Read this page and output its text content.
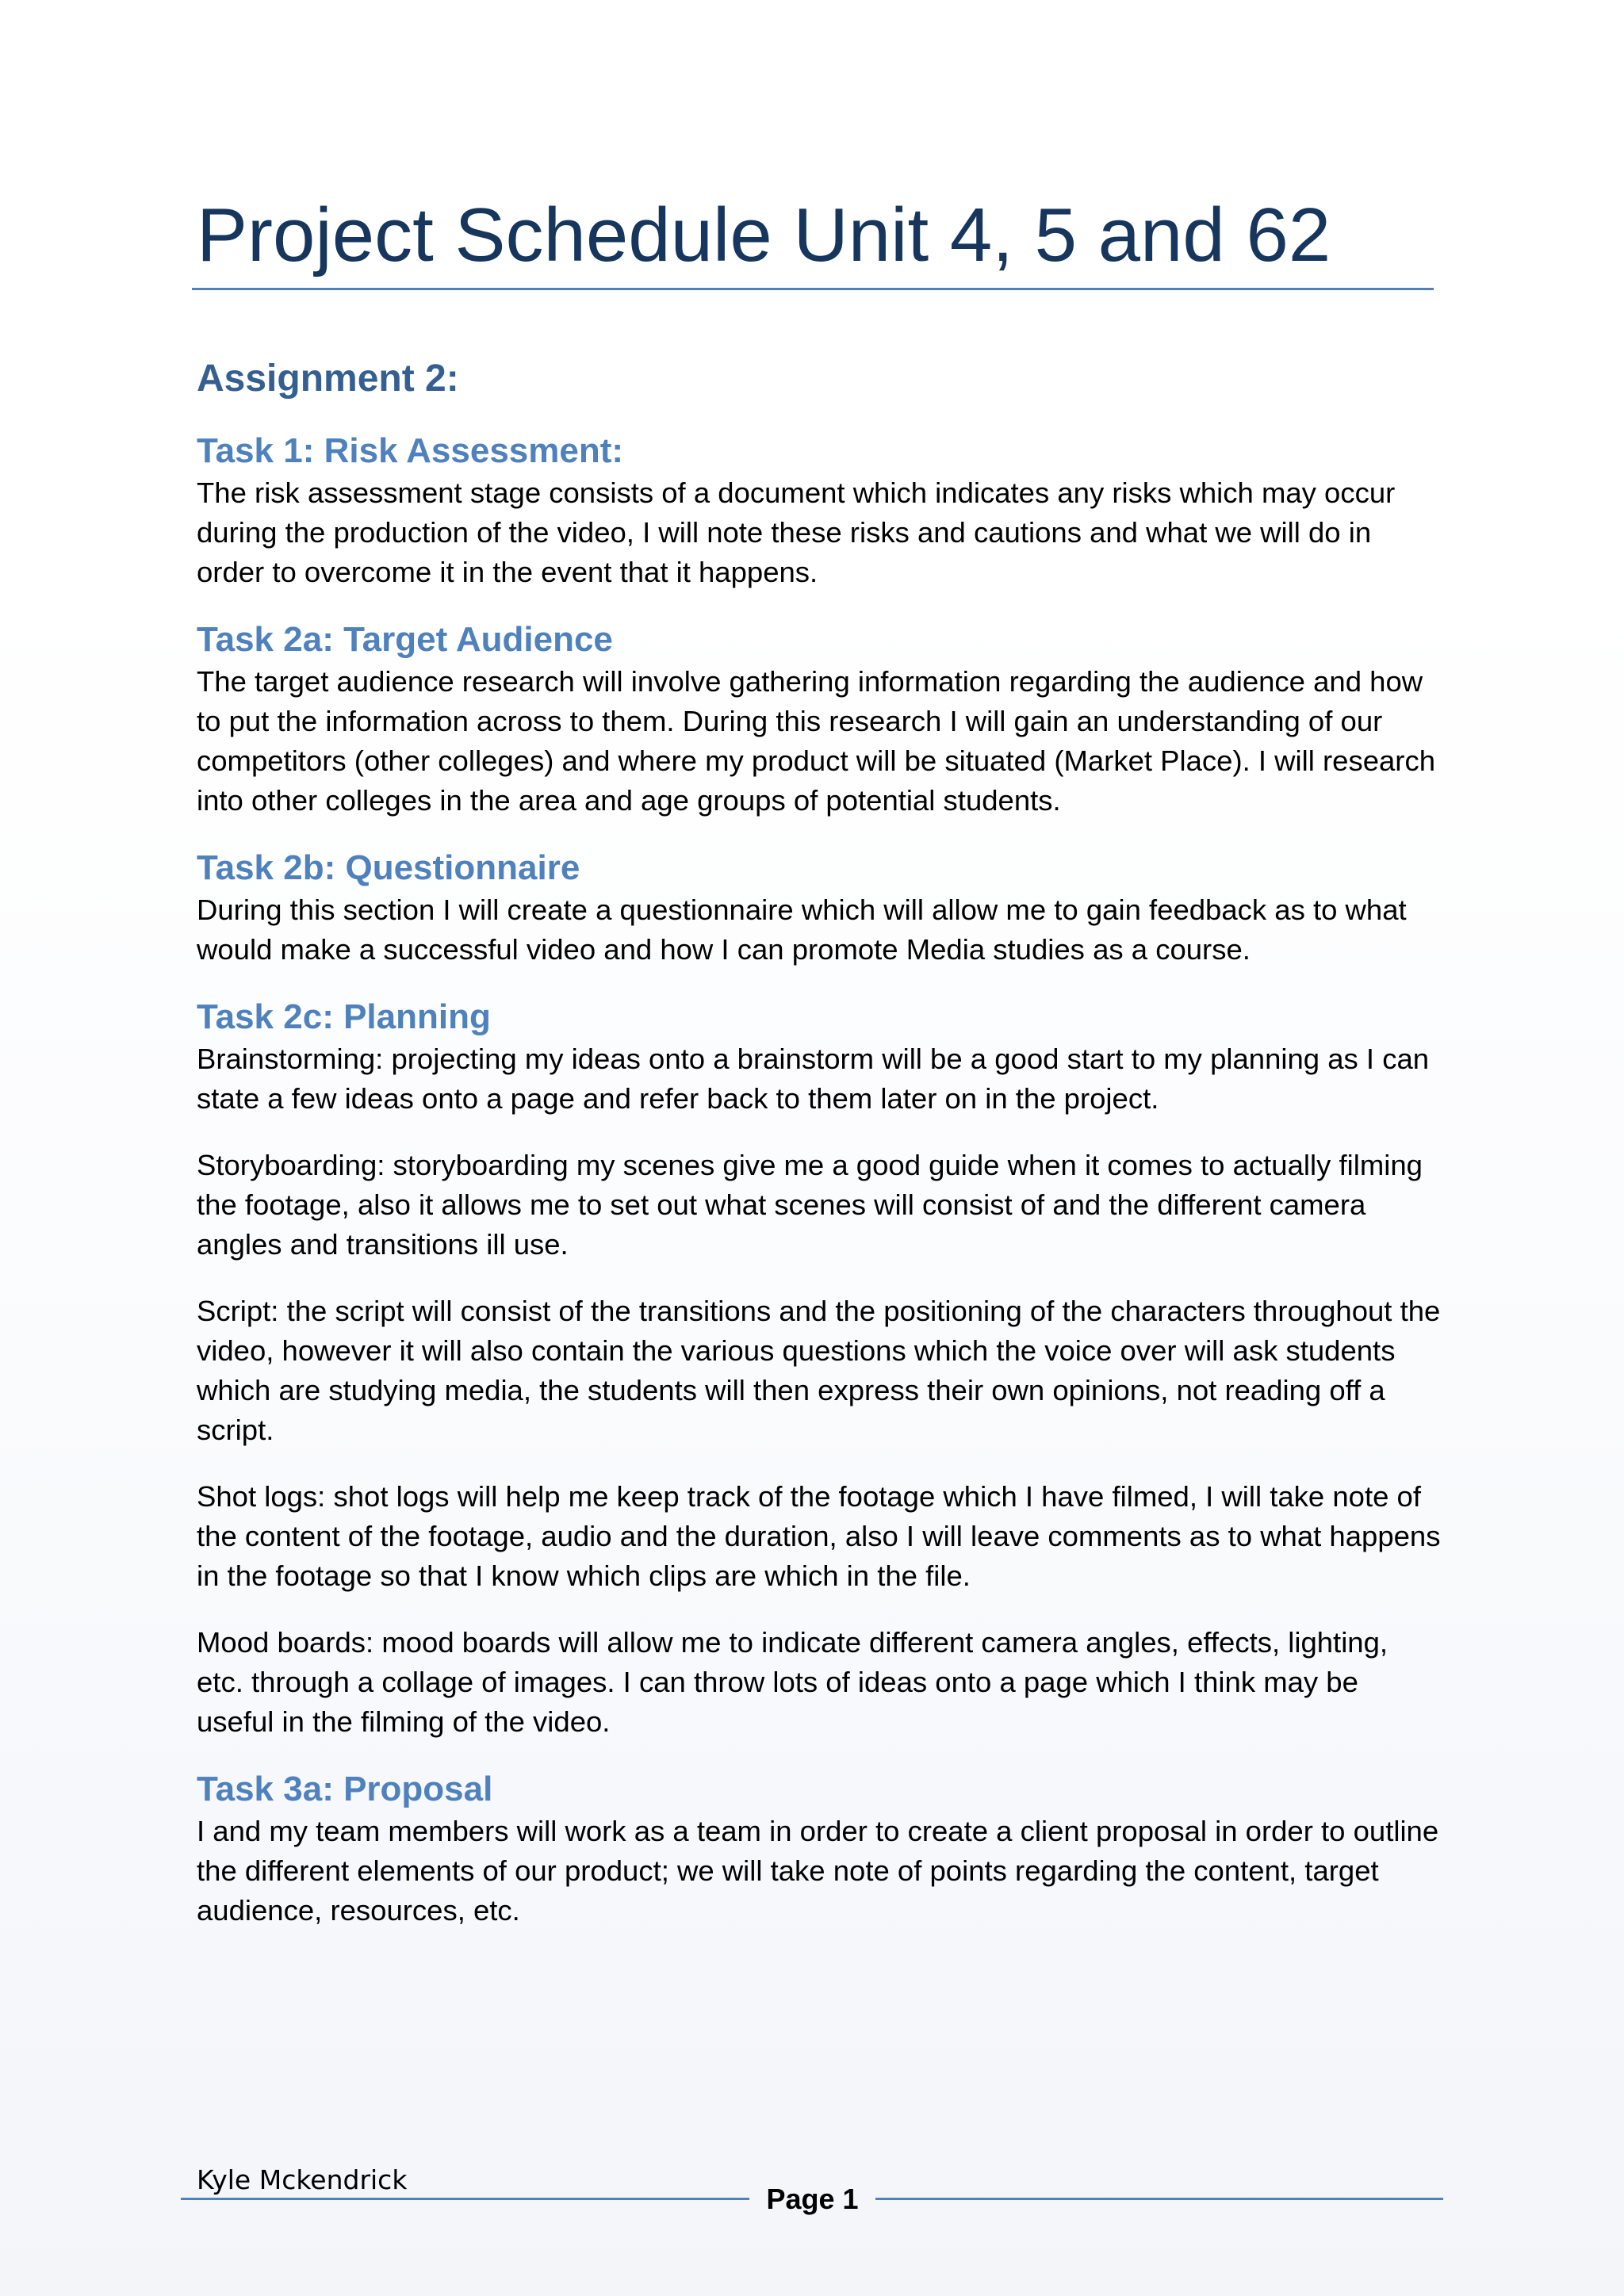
Project Schedule Unit 4, 5 and 62
Assignment 2:
Task 1: Risk Assessment:

The risk assessment stage consists of a document which indicates any risks which may occur during the production of the video, I will note these risks and cautions and what we will do in order to overcome it in the event that it happens.

Task 2a: Target Audience

The target audience research will involve gathering information regarding the audience and how to put the information across to them. During this research I will gain an understanding of our competitors (other colleges) and where my product will be situated (Market Place). I will research into other colleges in the area and age groups of potential students.

Task 2b: Questionnaire

During this section I will create a questionnaire which will allow me to gain feedback as to what would make a successful video and how I can promote Media studies as a course.

Task 2c: Planning

Brainstorming: projecting my ideas onto a brainstorm will be a good start to my planning as I can state a few ideas onto a page and refer back to them later on in the project.

Storyboarding: storyboarding my scenes give me a good guide when it comes to actually filming the footage, also it allows me to set out what scenes will consist of and the different camera angles and transitions ill use.

Script: the script will consist of the transitions and the positioning of the characters throughout the video, however it will also contain the various questions which the voice over will ask students which are studying media, the students will then express their own opinions, not reading off a script.

Shot logs: shot logs will help me keep track of the footage which I have filmed, I will take note of the content of the footage, audio and the duration, also I will leave comments as to what happens in the footage so that I know which clips are which in the file.

Mood boards: mood boards will allow me to indicate different camera angles, effects, lighting, etc. through a collage of images. I can throw lots of ideas onto a page which I think may be useful in the filming of the video.

Task 3a: Proposal

I and my team members will work as a team in order to create a client proposal in order to outline the different elements of our product; we will take note of points regarding the content, target audience, resources, etc.

Kyle Mckendrick
Page 1
